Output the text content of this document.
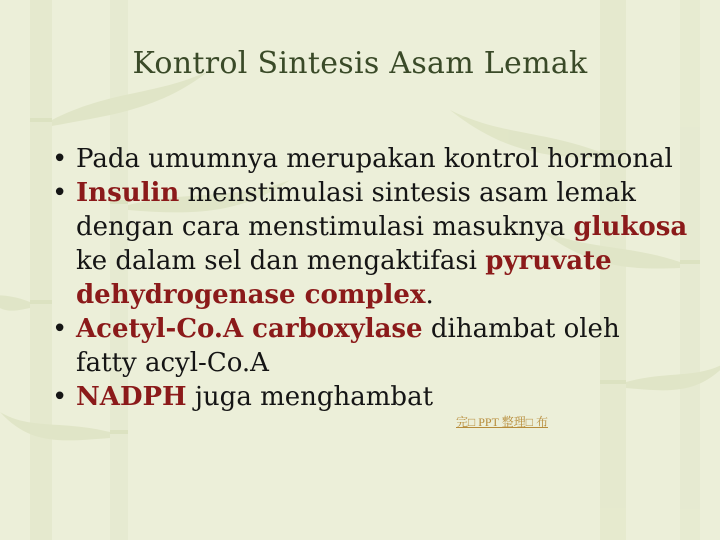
Kontrol Sintesis Asam Lemak
• Pada umumnya merupakan kontrol hormonal
• Insulin menstimulasi sintesis asam lemak dengan cara menstimulasi masuknya glukosa ke dalam sel dan mengaktifasi pyruvate dehydrogenase complex.
• Acetyl-Co.A carboxylase dihambat oleh fatty acyl-Co.A
• NADPH juga menghambat
完□ PPT 整理□ 布
